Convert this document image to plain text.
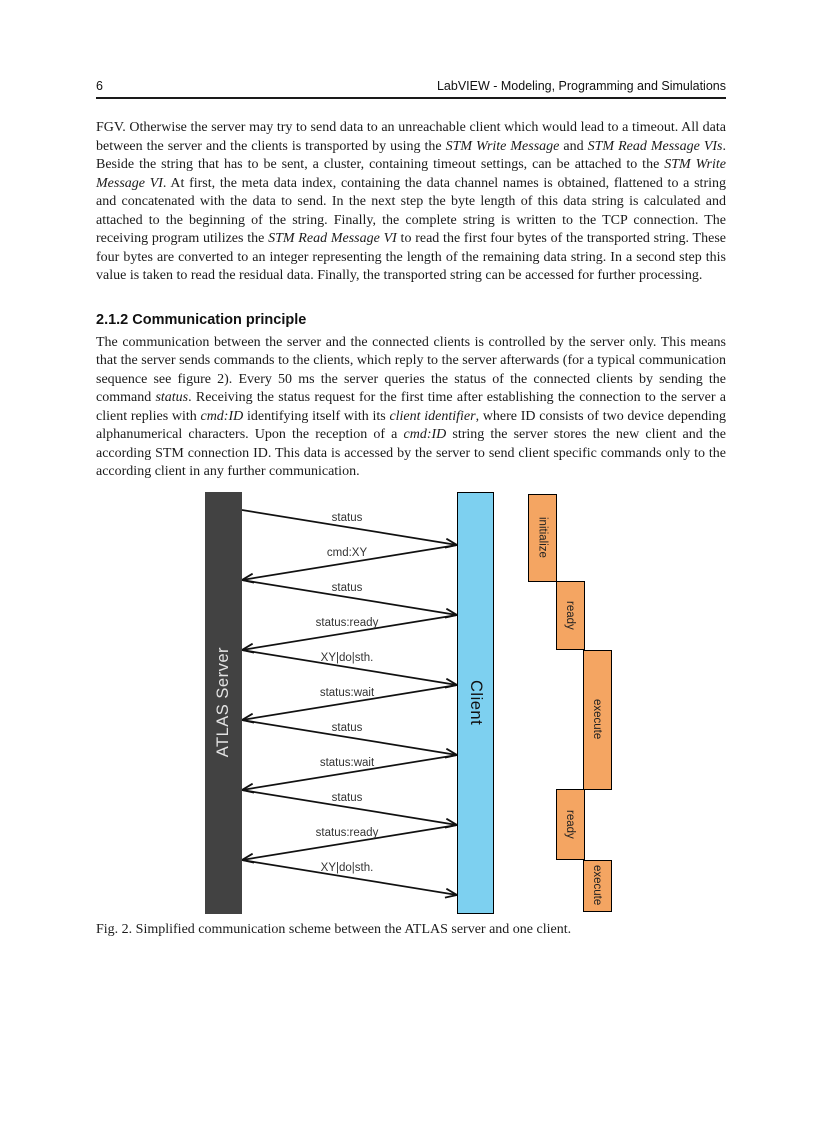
6	LabVIEW - Modeling, Programming and Simulations

FGV. Otherwise the server may try to send data to an unreachable client which would lead to a timeout. All data between the server and the clients is transported by using the STM Write Message and STM Read Message VIs. Beside the string that has to be sent, a cluster, containing timeout settings, can be attached to the STM Write Message VI. At first, the meta data index, containing the data channel names is obtained, flattened to a string and concatenated with the data to send. In the next step the byte length of this data string is calculated and attached to the beginning of the string. Finally, the complete string is written to the TCP connection. The receiving program utilizes the STM Read Message VI to read the first four bytes of the transported string. These four bytes are converted to an integer representing the length of the remaining data string. In a second step this value is taken to read the residual data. Finally, the transported string can be accessed for further processing.

2.1.2 Communication principle

The communication between the server and the connected clients is controlled by the server only. This means that the server sends commands to the clients, which reply to the server afterwards (for a typical communication sequence see figure 2). Every 50 ms the server queries the status of the connected clients by sending the command status. Receiving the status request for the first time after establishing the connection to the server a client replies with cmd:ID identifying itself with its client identifier, where ID consists of two device depending alphanumerical characters. Upon the reception of a cmd:ID string the server stores the new client and the according STM connection ID. This data is accessed by the server to send client specific commands only to the according client in any further communication.

ATLAS Server	Client
status
cmd:XY
status
status:ready
XY|do|sth.
status:wait
status
status:wait
status
status:ready
XY|do|sth.
initialize
ready
execute
ready
execute
Fig. 2. Simplified communication scheme between the ATLAS server and one client.
